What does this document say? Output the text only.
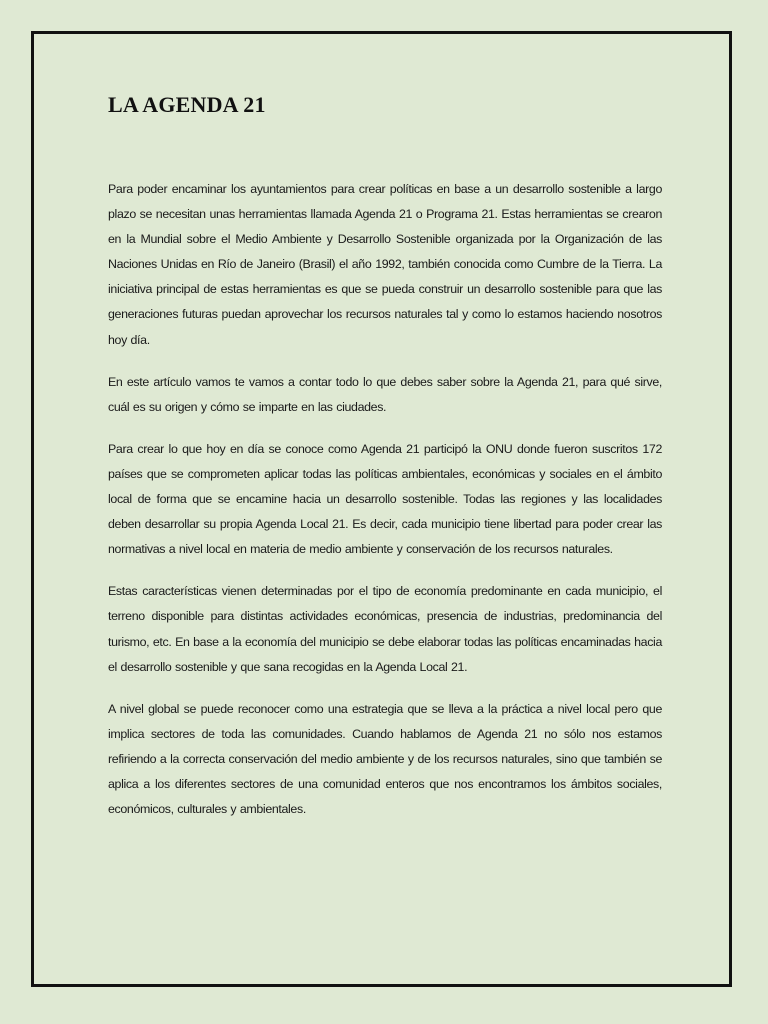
LA AGENDA 21

Para poder encaminar los ayuntamientos para crear políticas en base a un desarrollo sostenible a largo plazo se necesitan unas herramientas llamada Agenda 21 o Programa 21. Estas herramientas se crearon en la Mundial sobre el Medio Ambiente y Desarrollo Sostenible organizada por la Organización de las Naciones Unidas en Río de Janeiro (Brasil) el año 1992, también conocida como Cumbre de la Tierra. La iniciativa principal de estas herramientas es que se pueda construir un desarrollo sostenible para que las generaciones futuras puedan aprovechar los recursos naturales tal y como lo estamos haciendo nosotros hoy día.

En este artículo vamos te vamos a contar todo lo que debes saber sobre la Agenda 21, para qué sirve, cuál es su origen y cómo se imparte en las ciudades.

Para crear lo que hoy en día se conoce como Agenda 21 participó la ONU donde fueron suscritos 172 países que se comprometen aplicar todas las políticas ambientales, económicas y sociales en el ámbito local de forma que se encamine hacia un desarrollo sostenible. Todas las regiones y las localidades deben desarrollar su propia Agenda Local 21. Es decir, cada municipio tiene libertad para poder crear las normativas a nivel local en materia de medio ambiente y conservación de los recursos naturales.

Estas características vienen determinadas por el tipo de economía predominante en cada municipio, el terreno disponible para distintas actividades económicas, presencia de industrias, predominancia del turismo, etc. En base a la economía del municipio se debe elaborar todas las políticas encaminadas hacia el desarrollo sostenible y que sana recogidas en la Agenda Local 21.

A nivel global se puede reconocer como una estrategia que se lleva a la práctica a nivel local pero que implica sectores de toda las comunidades. Cuando hablamos de Agenda 21 no sólo nos estamos refiriendo a la correcta conservación del medio ambiente y de los recursos naturales, sino que también se aplica a los diferentes sectores de una comunidad enteros que nos encontramos los ámbitos sociales, económicos, culturales y ambientales.
